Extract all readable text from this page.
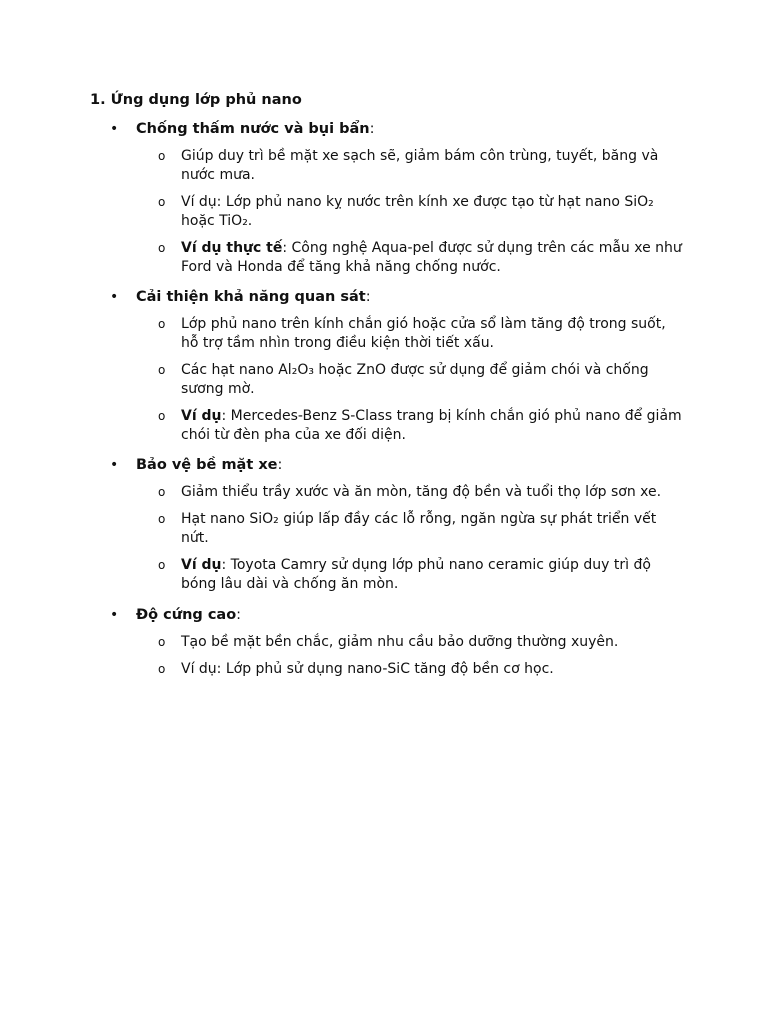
1. Ứng dụng lớp phủ nano
• Chống thấm nước và bụi bẩn:
o Giúp duy trì bề mặt xe sạch sẽ, giảm bám côn trùng, tuyết, băng và nước mưa.
o Ví dụ: Lớp phủ nano kỵ nước trên kính xe được tạo từ hạt nano SiO₂ hoặc TiO₂.
o Ví dụ thực tế: Công nghệ Aqua-pel được sử dụng trên các mẫu xe như Ford và Honda để tăng khả năng chống nước.
• Cải thiện khả năng quan sát:
o Lớp phủ nano trên kính chắn gió hoặc cửa sổ làm tăng độ trong suốt, hỗ trợ tầm nhìn trong điều kiện thời tiết xấu.
o Các hạt nano Al₂O₃ hoặc ZnO được sử dụng để giảm chói và chống sương mờ.
o Ví dụ: Mercedes-Benz S-Class trang bị kính chắn gió phủ nano để giảm chói từ đèn pha của xe đối diện.
• Bảo vệ bề mặt xe:
o Giảm thiểu trầy xước và ăn mòn, tăng độ bền và tuổi thọ lớp sơn xe.
o Hạt nano SiO₂ giúp lấp đầy các lỗ rỗng, ngăn ngừa sự phát triển vết nứt.
o Ví dụ: Toyota Camry sử dụng lớp phủ nano ceramic giúp duy trì độ bóng lâu dài và chống ăn mòn.
• Độ cứng cao:
o Tạo bề mặt bền chắc, giảm nhu cầu bảo dưỡng thường xuyên.
o Ví dụ: Lớp phủ sử dụng nano-SiC tăng độ bền cơ học.
